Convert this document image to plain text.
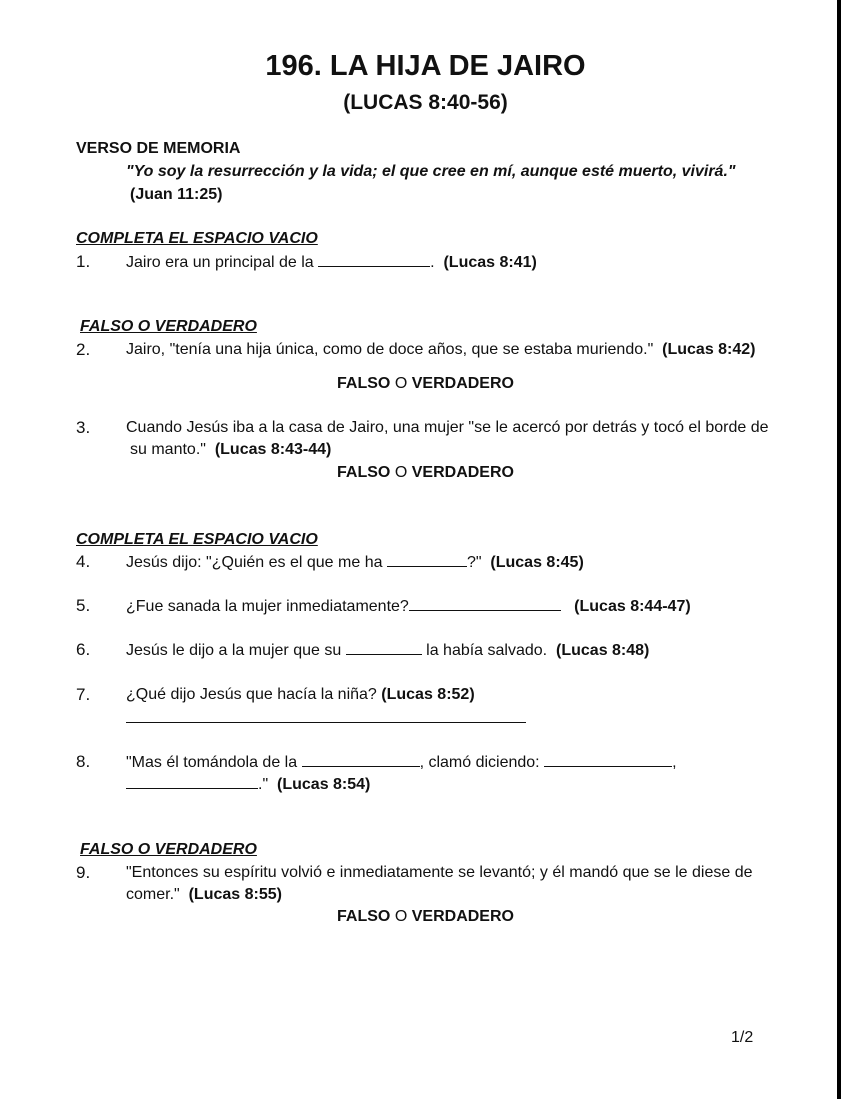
196. LA HIJA DE JAIRO
(LUCAS 8:40-56)
VERSO DE MEMORIA
"Yo soy la resurrección y la vida; el que cree en mí, aunque esté muerto, vivirá."
(Juan 11:25)
COMPLETA EL ESPACIO VACIO
1. Jairo era un principal de la	. (Lucas 8:41)
FALSO O VERDADERO
2. Jairo, "tenía una hija única, como de doce años, que se estaba muriendo." (Lucas 8:42)
FALSO O VERDADERO
3. Cuando Jesús iba a la casa de Jairo, una mujer "se le acercó por detrás y tocó el borde de
su manto." (Lucas 8:43-44)
FALSO O VERDADERO
COMPLETA EL ESPACIO VACIO
4. Jesús dijo: "¿Quién es el que me ha	?" (Lucas 8:45)
5. ¿Fue sanada la mujer inmediatamente?	(Lucas 8:44-47)
6. Jesús le dijo a la mujer que su	la había salvado. (Lucas 8:48)
7. ¿Qué dijo Jesús que hacía la niña? (Lucas 8:52)
8. "Mas él tomándola de la	, clamó diciendo:	,
." (Lucas 8:54)
FALSO O VERDADERO
9. "Entonces su espíritu volvió e inmediatamente se levantó; y él mandó que se le diese de
comer." (Lucas 8:55)
FALSO O VERDADERO
1/2
